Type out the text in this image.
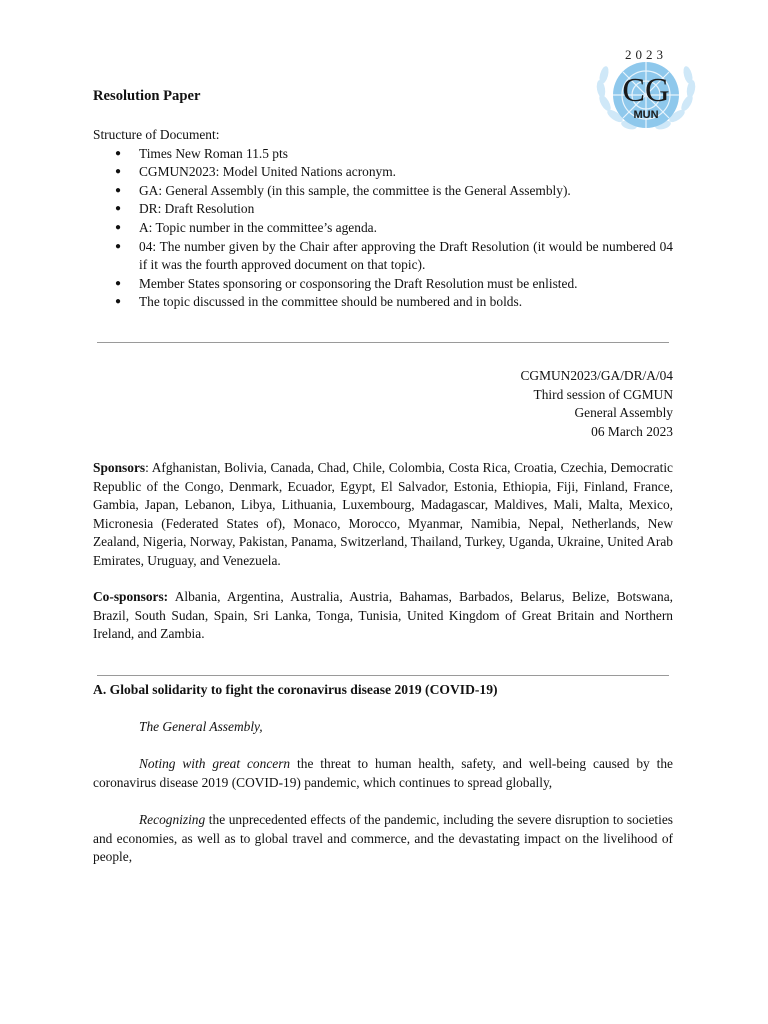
2023
CG
MUN
Resolution Paper
Structure of Document:
● Times New Roman 11.5 pts
● CGMUN2023: Model United Nations acronym.
● GA: General Assembly (in this sample, the committee is the General Assembly).
● DR: Draft Resolution
● A: Topic number in the committee’s agenda.
● 04: The number given by the Chair after approving the Draft Resolution (it would be numbered 04 if it was the fourth approved document on that topic).
● Member States sponsoring or cosponsoring the Draft Resolution must be enlisted.
● The topic discussed in the committee should be numbered and in bolds.
CGMUN2023/GA/DR/A/04
Third session of CGMUN
General Assembly
06 March 2023
Sponsors: Afghanistan, Bolivia, Canada, Chad, Chile, Colombia, Costa Rica, Croatia, Czechia, Democratic Republic of the Congo, Denmark, Ecuador, Egypt, El Salvador, Estonia, Ethiopia, Fiji, Finland, France, Gambia, Japan, Lebanon, Libya, Lithuania, Luxembourg, Madagascar, Maldives, Mali, Malta, Mexico, Micronesia (Federated States of), Monaco, Morocco, Myanmar, Namibia, Nepal, Netherlands, New Zealand, Nigeria, Norway, Pakistan, Panama, Switzerland, Thailand, Turkey, Uganda, Ukraine, United Arab Emirates, Uruguay, and Venezuela.
Co-sponsors: Albania, Argentina, Australia, Austria, Bahamas, Barbados, Belarus, Belize, Botswana, Brazil, South Sudan, Spain, Sri Lanka, Tonga, Tunisia, United Kingdom of Great Britain and Northern Ireland, and Zambia.
A. Global solidarity to fight the coronavirus disease 2019 (COVID-19)
The General Assembly,
Noting with great concern the threat to human health, safety, and well-being caused by the coronavirus disease 2019 (COVID-19) pandemic, which continues to spread globally,
Recognizing the unprecedented effects of the pandemic, including the severe disruption to societies and economies, as well as to global travel and commerce, and the devastating impact on the livelihood of people,
